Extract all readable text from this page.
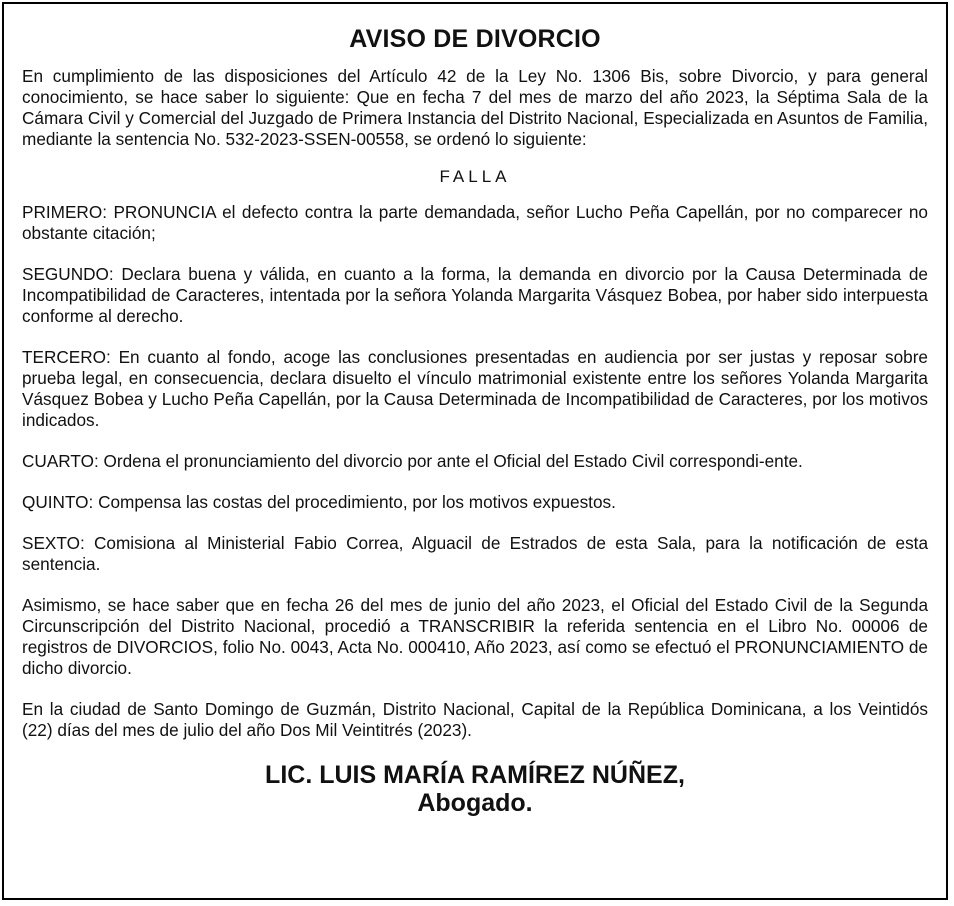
AVISO DE DIVORCIO
En cumplimiento de las disposiciones del Artículo 42 de la Ley No. 1306 Bis, sobre Divorcio, y para general conocimiento, se hace saber lo siguiente: Que en fecha 7 del mes de marzo del año 2023, la Séptima Sala de la Cámara Civil y Comercial del Juzgado de Primera Instancia del Distrito Nacional, Especializada en Asuntos de Familia, mediante la sentencia No. 532-2023-SSEN-00558, se ordenó lo siguiente:
FALLA
PRIMERO: PRONUNCIA el defecto contra la parte demandada, señor Lucho Peña Capellán, por no comparecer no obstante citación;
SEGUNDO: Declara buena y válida, en cuanto a la forma, la demanda en divorcio por la Causa Determinada de Incompatibilidad de Caracteres, intentada por la señora Yolanda Margarita Vásquez Bobea, por haber sido interpuesta conforme al derecho.
TERCERO: En cuanto al fondo, acoge las conclusiones presentadas en audiencia por ser justas y reposar sobre prueba legal, en consecuencia, declara disuelto el vínculo matrimonial existente entre los señores Yolanda Margarita Vásquez Bobea y Lucho Peña Capellán, por la Causa Determinada de Incompatibilidad de Caracteres, por los motivos indicados.
CUARTO: Ordena el pronunciamiento del divorcio por ante el Oficial del Estado Civil correspondi-ente.
QUINTO: Compensa las costas del procedimiento, por los motivos expuestos.
SEXTO: Comisiona al Ministerial Fabio Correa, Alguacil de Estrados de esta Sala, para la notificación de esta sentencia.
Asimismo, se hace saber que en fecha 26 del mes de junio del año 2023, el Oficial del Estado Civil de la Segunda Circunscripción del Distrito Nacional, procedió a TRANSCRIBIR la referida sentencia en el Libro No. 00006 de registros de DIVORCIOS, folio No. 0043, Acta No. 000410, Año 2023, así como se efectuó el PRONUNCIAMIENTO de dicho divorcio.
En la ciudad de Santo Domingo de Guzmán, Distrito Nacional, Capital de la República Dominicana, a los Veintidós (22) días del mes de julio del año Dos Mil Veintitrés (2023).
LIC. LUIS MARÍA RAMÍREZ NÚÑEZ,
Abogado.
